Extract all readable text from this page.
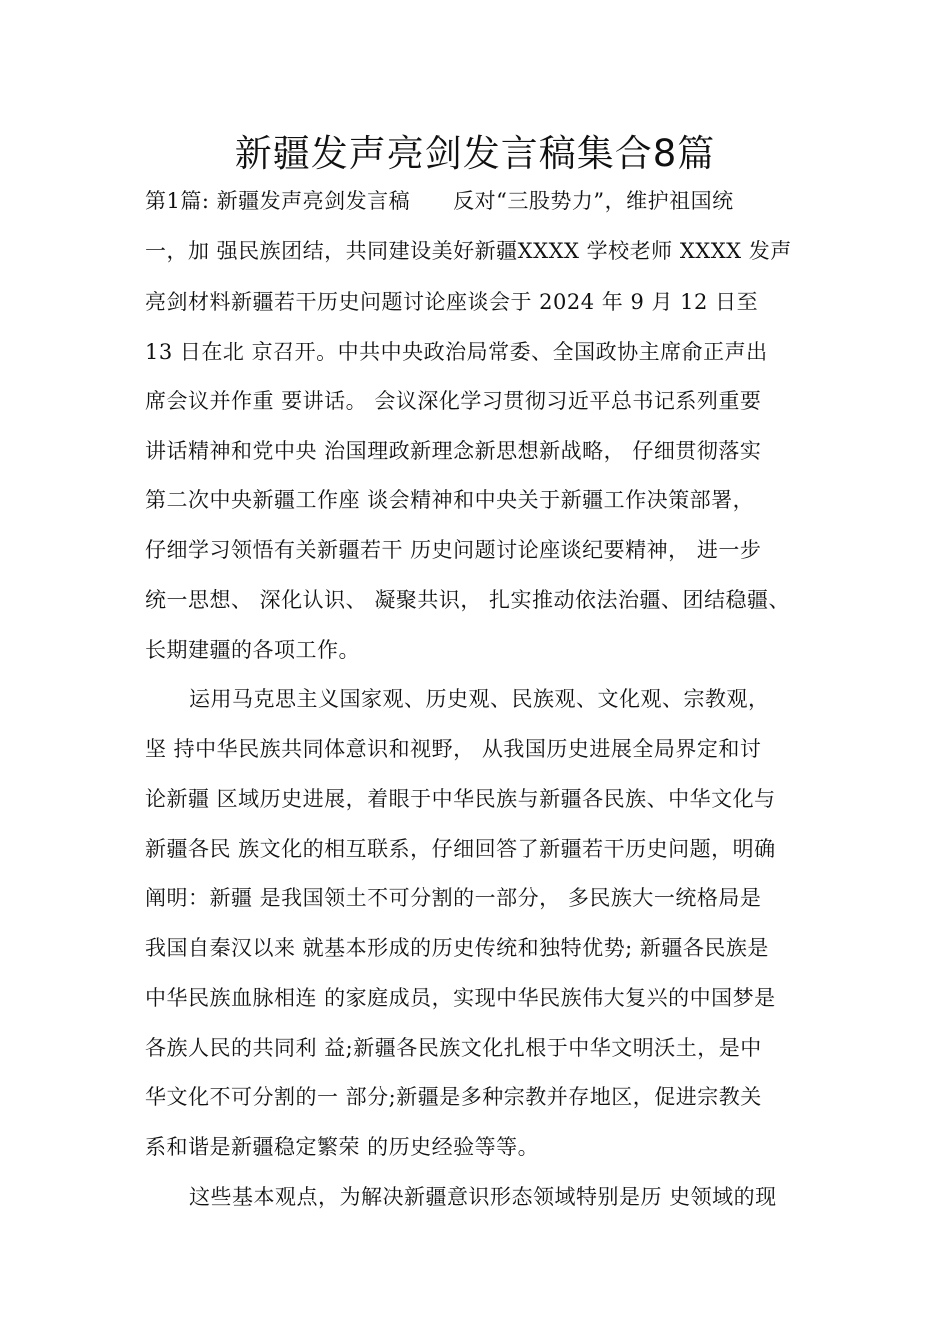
新疆发声亮剑发言稿集合8篇
第1篇: 新疆发声亮剑发言稿      反对“三股势力”，维护祖国统
一，加 强民族团结，共同建设美好新疆XXXX 学校老师 XXXX 发声
亮剑材料新疆若干历史问题讨论座谈会于 2024 年 9 月 12 日至
13 日在北 京召开。中共中央政治局常委、全国政协主席俞正声出
席会议并作重 要讲话。 会议深化学习贯彻习近平总书记系列重要
讲话精神和党中央 治国理政新理念新思想新战略， 仔细贯彻落实
第二次中央新疆工作座 谈会精神和中央关于新疆工作决策部署，
仔细学习领悟有关新疆若干 历史问题讨论座谈纪要精神， 进一步
统一思想、 深化认识、 凝聚共识， 扎实推动依法治疆、团结稳疆、
长期建疆的各项工作。
运用马克思主义国家观、历史观、民族观、文化观、宗教观，
坚 持中华民族共同体意识和视野， 从我国历史进展全局界定和讨
论新疆 区域历史进展，着眼于中华民族与新疆各民族、中华文化与
新疆各民 族文化的相互联系，仔细回答了新疆若干历史问题，明确
阐明：新疆 是我国领土不可分割的一部分， 多民族大一统格局是
我国自秦汉以来 就基本形成的历史传统和独特优势; 新疆各民族是
中华民族血脉相连 的家庭成员，实现中华民族伟大复兴的中国梦是
各族人民的共同利 益;新疆各民族文化扎根于中华文明沃土，是中
华文化不可分割的一 部分;新疆是多种宗教并存地区，促进宗教关
系和谐是新疆稳定繁荣 的历史经验等等。
这些基本观点，为解决新疆意识形态领域特别是历 史领域的现
